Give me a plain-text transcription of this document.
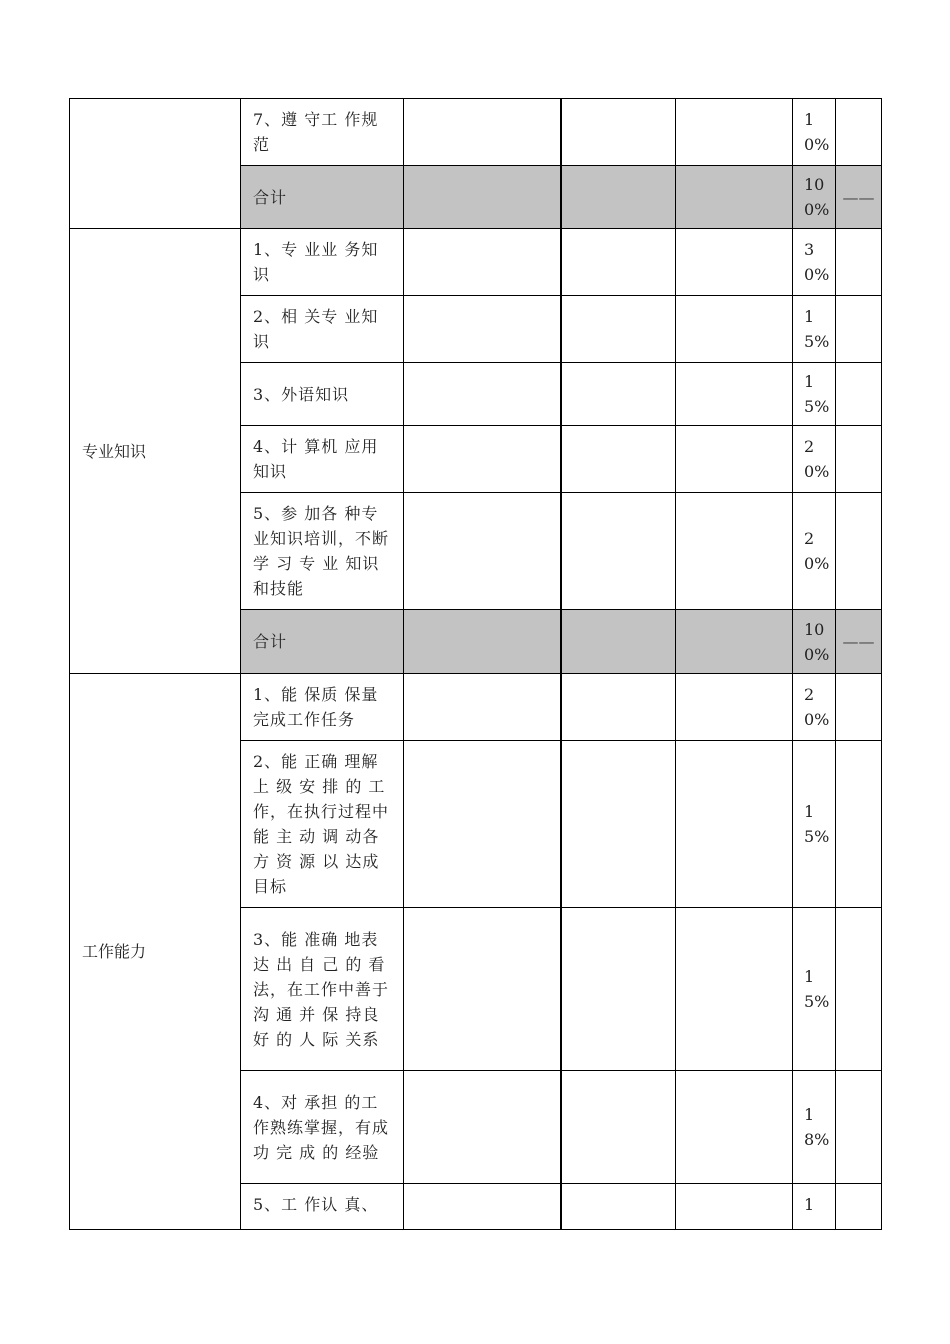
	7、遵 守工 作规范				10%	
	合计				100%	——
专业知识	1、专 业业 务知识				30%	
	2、相 关专 业知识				15%	
	3、外语知识				15%	
	4、计 算机 应用知识				20%	
	5、参 加各 种专业知识培训，不断 学 习 专 业 知识和技能				20%	
	合计				100%	——
工作能力	1、能 保质 保量完成工作任务				20%	
	2、能 正确 理解上 级 安 排 的 工作，在执行过程中 能 主 动 调 动各 方 资 源 以 达成目标				15%	
	3、能 准确 地表达 出 自 己 的 看法，在工作中善于 沟 通 并 保 持良 好 的 人 际 关系				15%	
	4、对 承担 的工作熟练掌握，有成 功 完 成 的 经验				18%	
	5、工 作认 真、				1	
